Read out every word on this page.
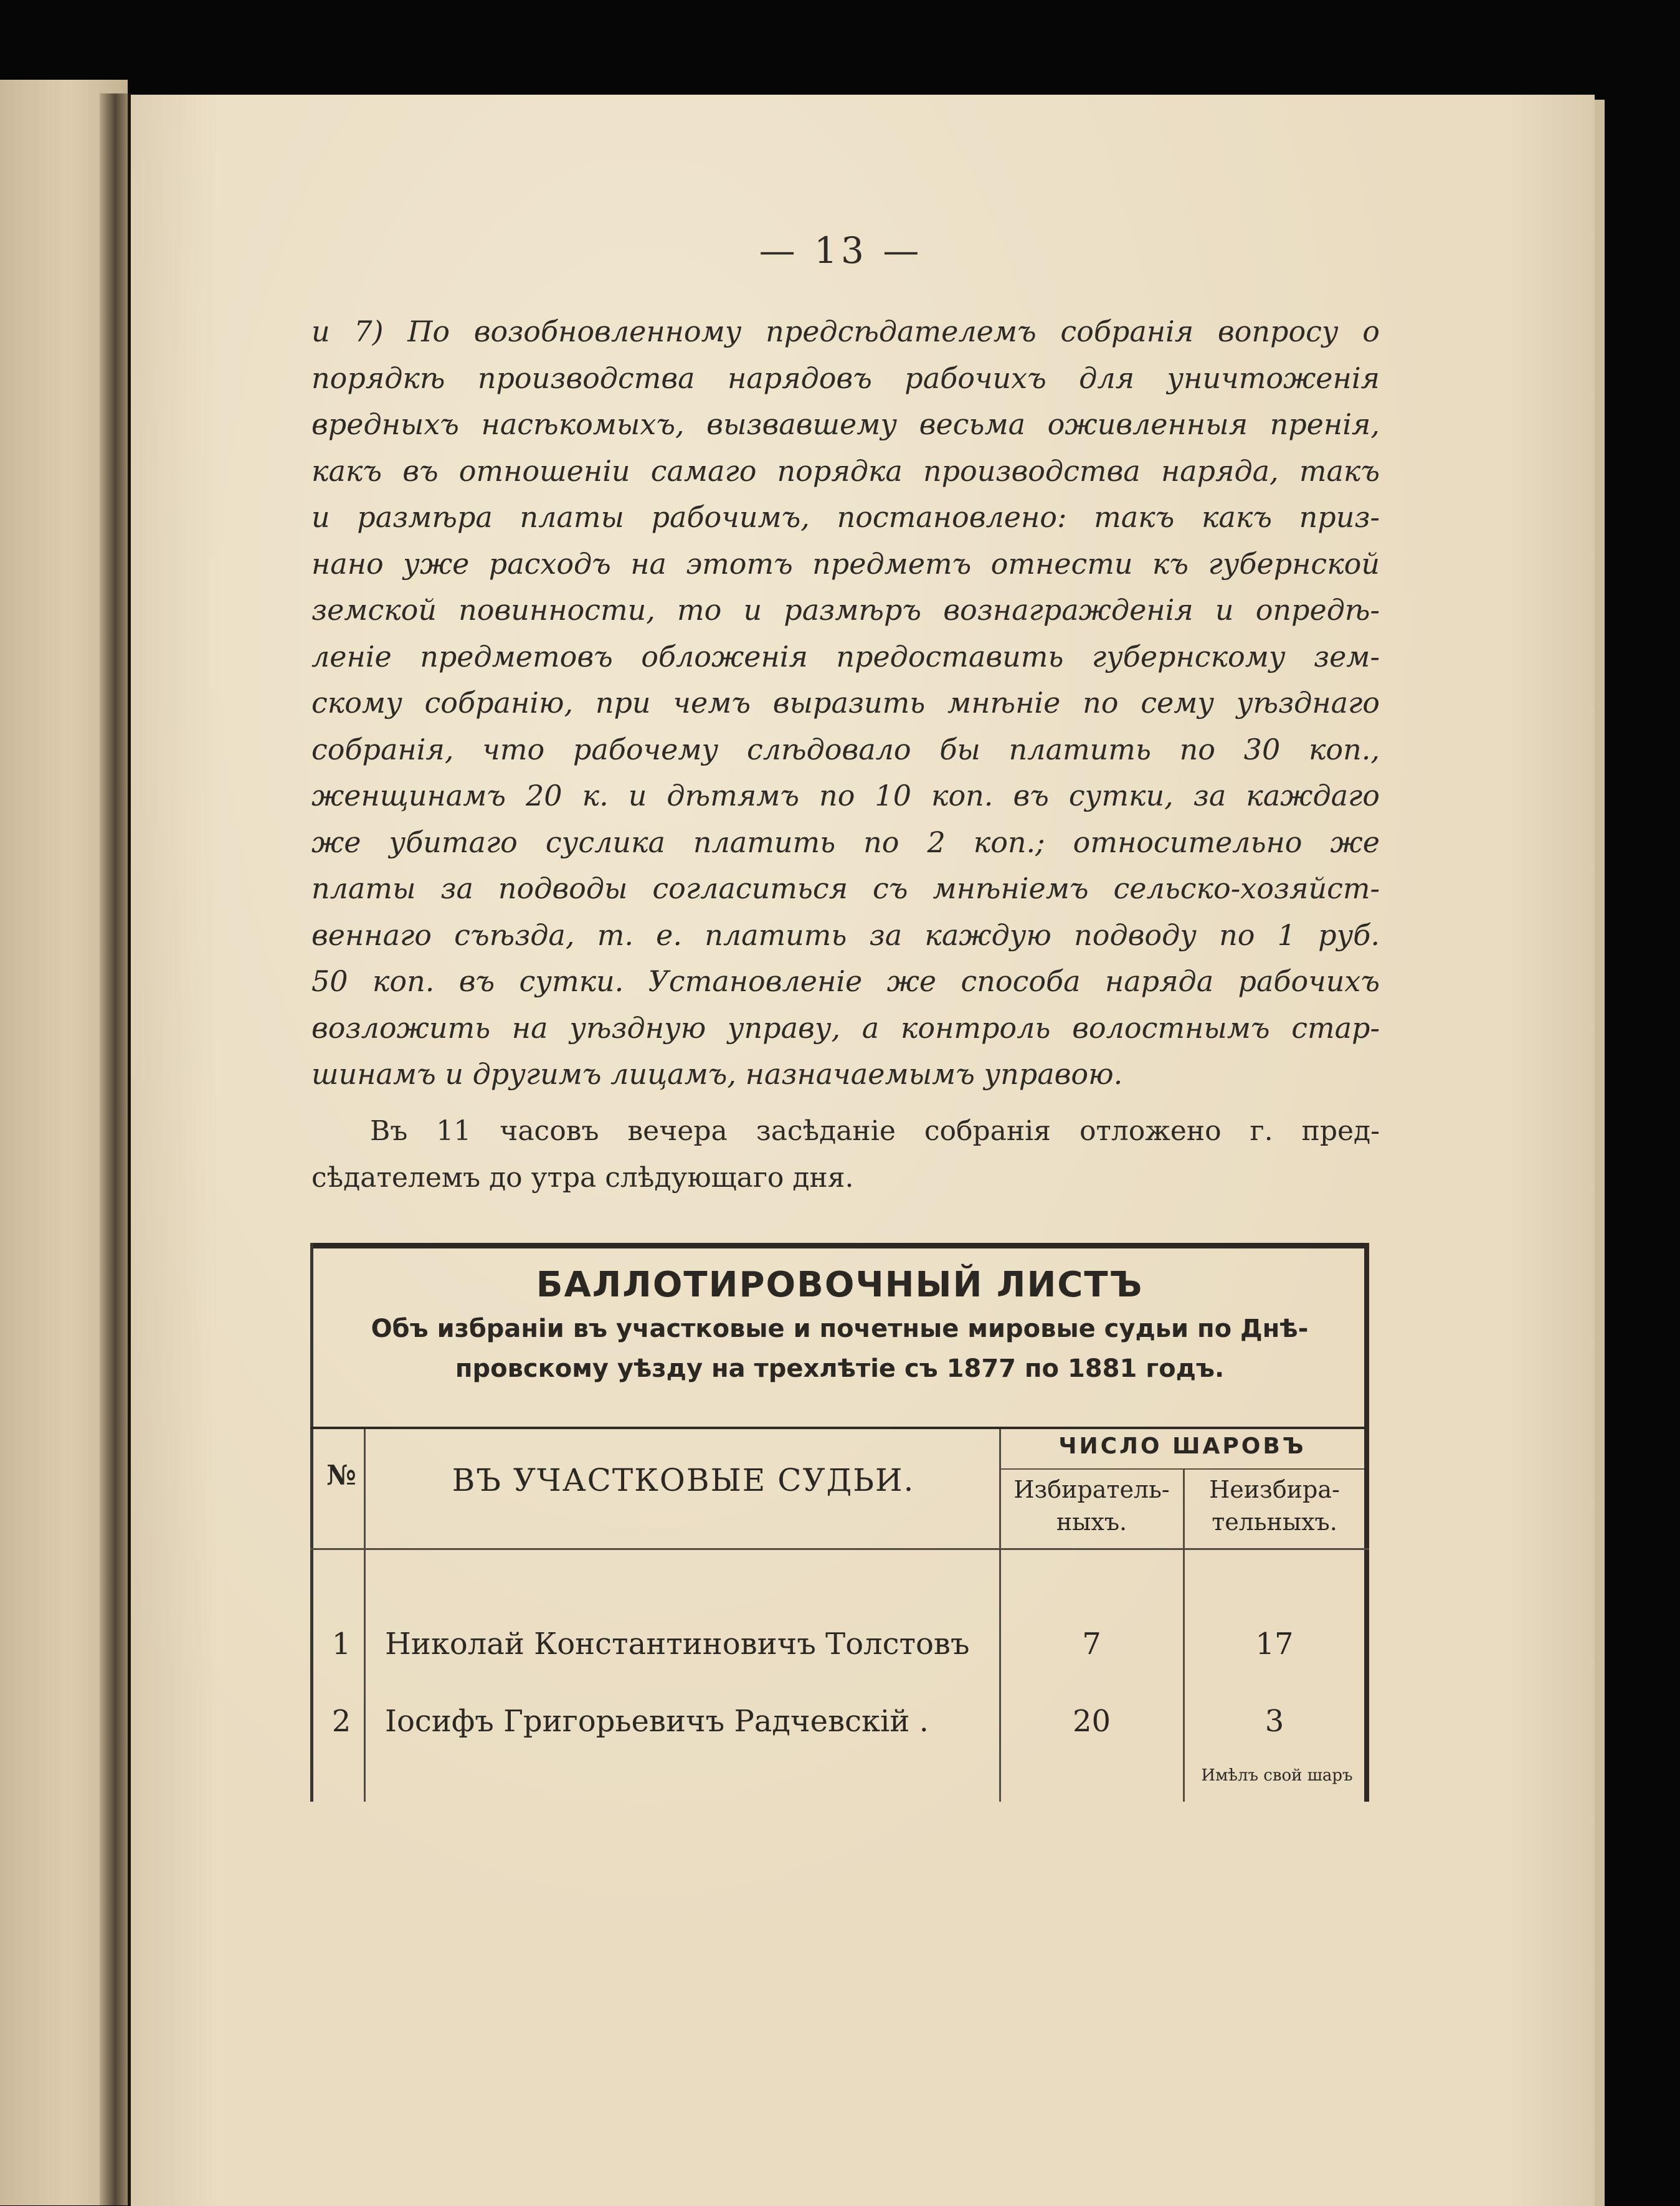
— 13 —
и 7) По возобновленному предсѣдателемъ собранія вопросу о
порядкѣ производства нарядовъ рабочихъ для уничтоженія
вредныхъ насѣкомыхъ, вызвавшему весьма оживленныя пренія,
какъ въ отношеніи самаго порядка производства наряда, такъ
и размѣра платы рабочимъ, постановлено: такъ какъ приз-
нано уже расходъ на этотъ предметъ отнести къ губернской
земской повинности, то и размѣръ вознагражденія и опредѣ-
леніе предметовъ обложенія предоставить губернскому зем-
скому собранію, при чемъ выразить мнѣніе по сему уѣзднаго
собранія, что рабочему слѣдовало бы платить по 30 коп.,
женщинамъ 20 к. и дѣтямъ по 10 коп. въ сутки, за каждаго
же убитаго суслика платить по 2 коп.; относительно же
платы за подводы согласиться съ мнѣніемъ сельско-хозяйст-
веннаго съѣзда, т. е. платить за каждую подводу по 1 руб.
50 коп. въ сутки. Установленіе же способа наряда рабочихъ
возложить на уѣздную управу, а контроль волостнымъ стар-
шинамъ и другимъ лицамъ, назначаемымъ управою.
Въ 11 часовъ вечера засѣданіе собранія отложено г. пред-
сѣдателемъ до утра слѣдующаго дня.
БАЛЛОТИРОВОЧНЫЙ ЛИСТЪ
Объ избраніи въ участковые и почетные мировые судьи по Днѣ-
провскому уѣзду на трехлѣтіе съ 1877 по 1881 годъ.
№	ВЪ УЧАСТКОВЫЕ СУДЬИ.
ЧИСЛО ШАРОВЪ
Избиратель-
ныхъ.
Неизбира-
тельныхъ.
1	Николай Константиновичъ Толстовъ	7	17
2	Іосифъ Григорьевичъ Радчевскій .	20	3
Имѣлъ свой шаръ
